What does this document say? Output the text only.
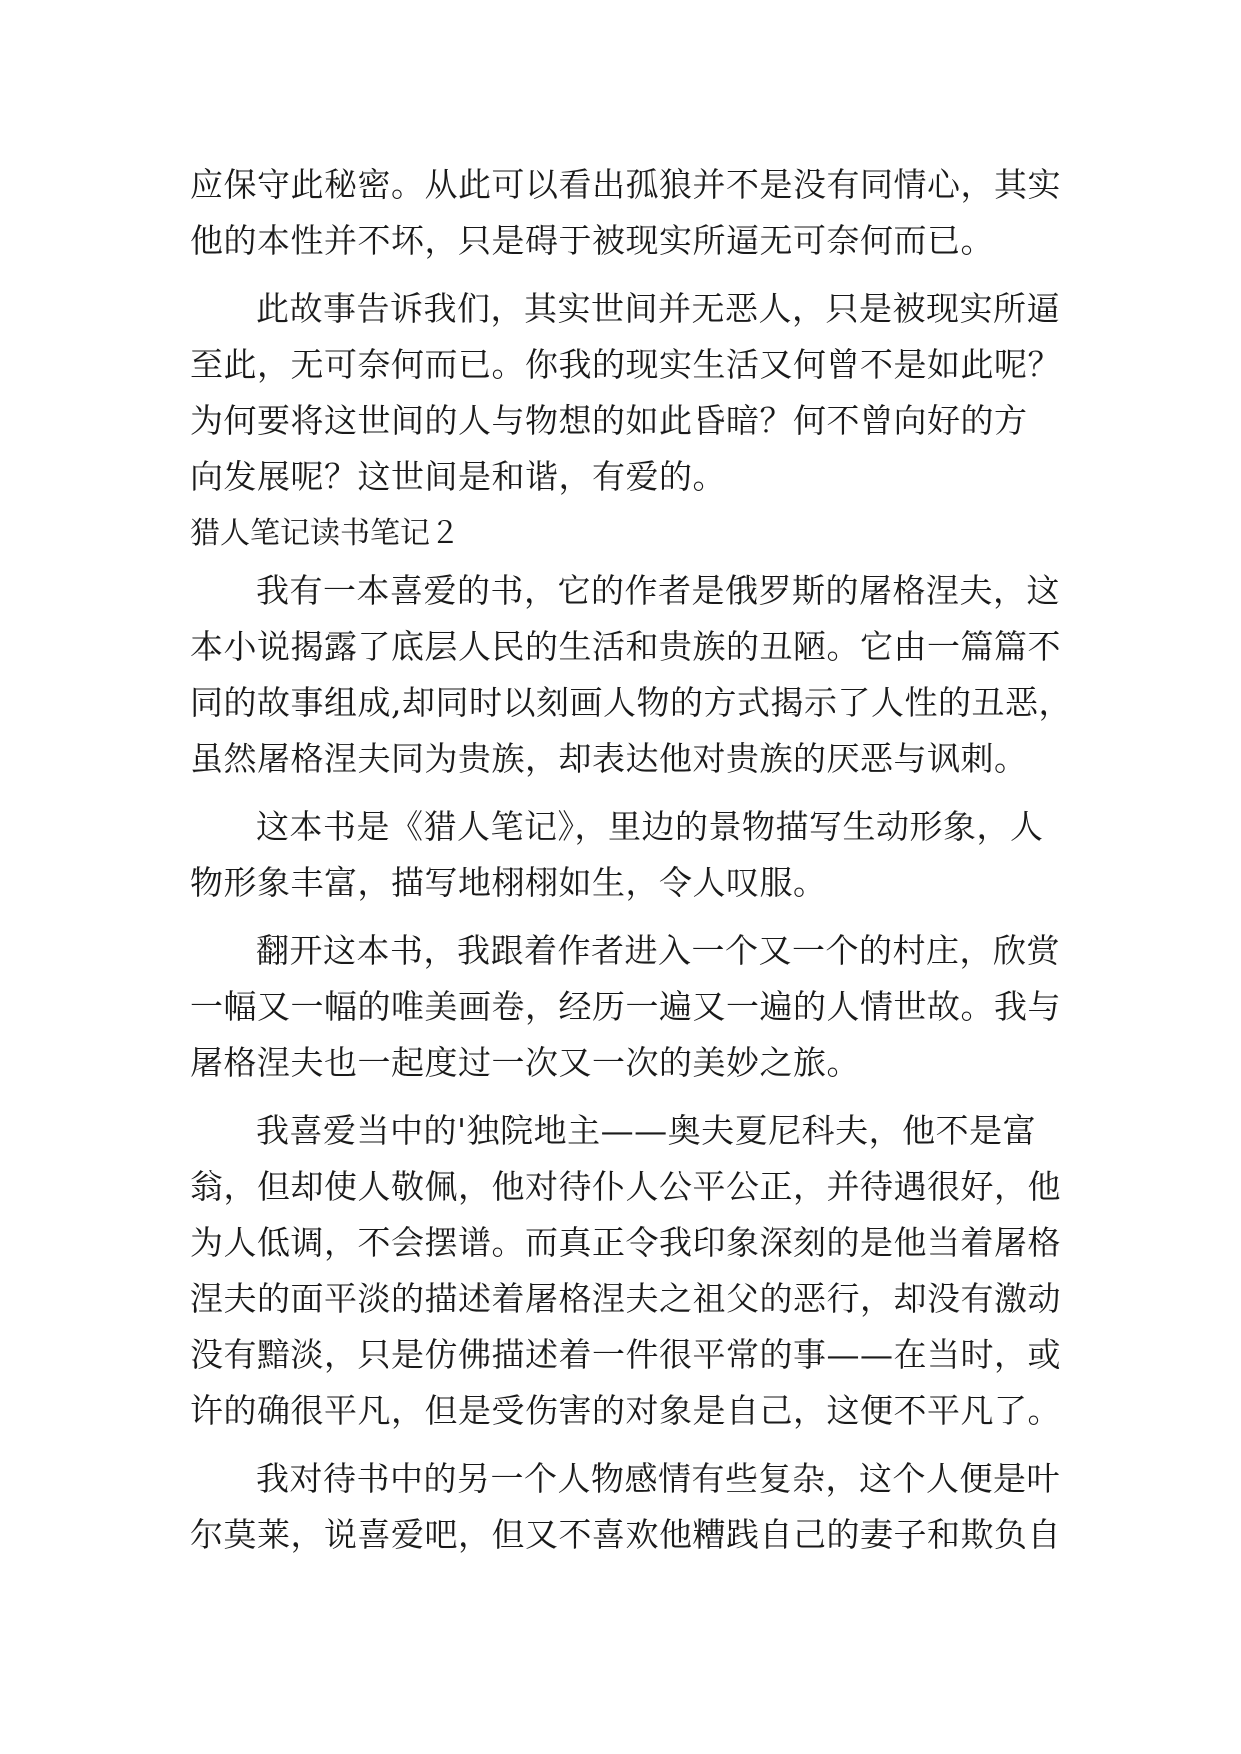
应保守此秘密。从此可以看出孤狼并不是没有同情心，其实
他的本性并不坏，只是碍于被现实所逼无可奈何而已。
此故事告诉我们，其实世间并无恶人，只是被现实所逼
至此，无可奈何而已。你我的现实生活又何曾不是如此呢？
为何要将这世间的人与物想的如此昏暗？何不曾向好的方
向发展呢？这世间是和谐，有爱的。
猎人笔记读书笔记２
我有一本喜爱的书，它的作者是俄罗斯的屠格涅夫，这
本小说揭露了底层人民的生活和贵族的丑陋。它由一篇篇不
同的故事组成,却同时以刻画人物的方式揭示了人性的丑恶，
虽然屠格涅夫同为贵族，却表达他对贵族的厌恶与讽刺。
这本书是《猎人笔记》，里边的景物描写生动形象，人
物形象丰富，描写地栩栩如生，令人叹服。
翻开这本书，我跟着作者进入一个又一个的村庄，欣赏
一幅又一幅的唯美画卷，经历一遍又一遍的人情世故。我与
屠格涅夫也一起度过一次又一次的美妙之旅。
我喜爱当中的'独院地主——奥夫夏尼科夫，他不是富
翁，但却使人敬佩，他对待仆人公平公正，并待遇很好，他
为人低调，不会摆谱。而真正令我印象深刻的是他当着屠格
涅夫的面平淡的描述着屠格涅夫之祖父的恶行，却没有激动
没有黯淡，只是仿佛描述着一件很平常的事——在当时，或
许的确很平凡，但是受伤害的对象是自己，这便不平凡了。
我对待书中的另一个人物感情有些复杂，这个人便是叶
尔莫莱，说喜爱吧，但又不喜欢他糟践自己的妻子和欺负自
